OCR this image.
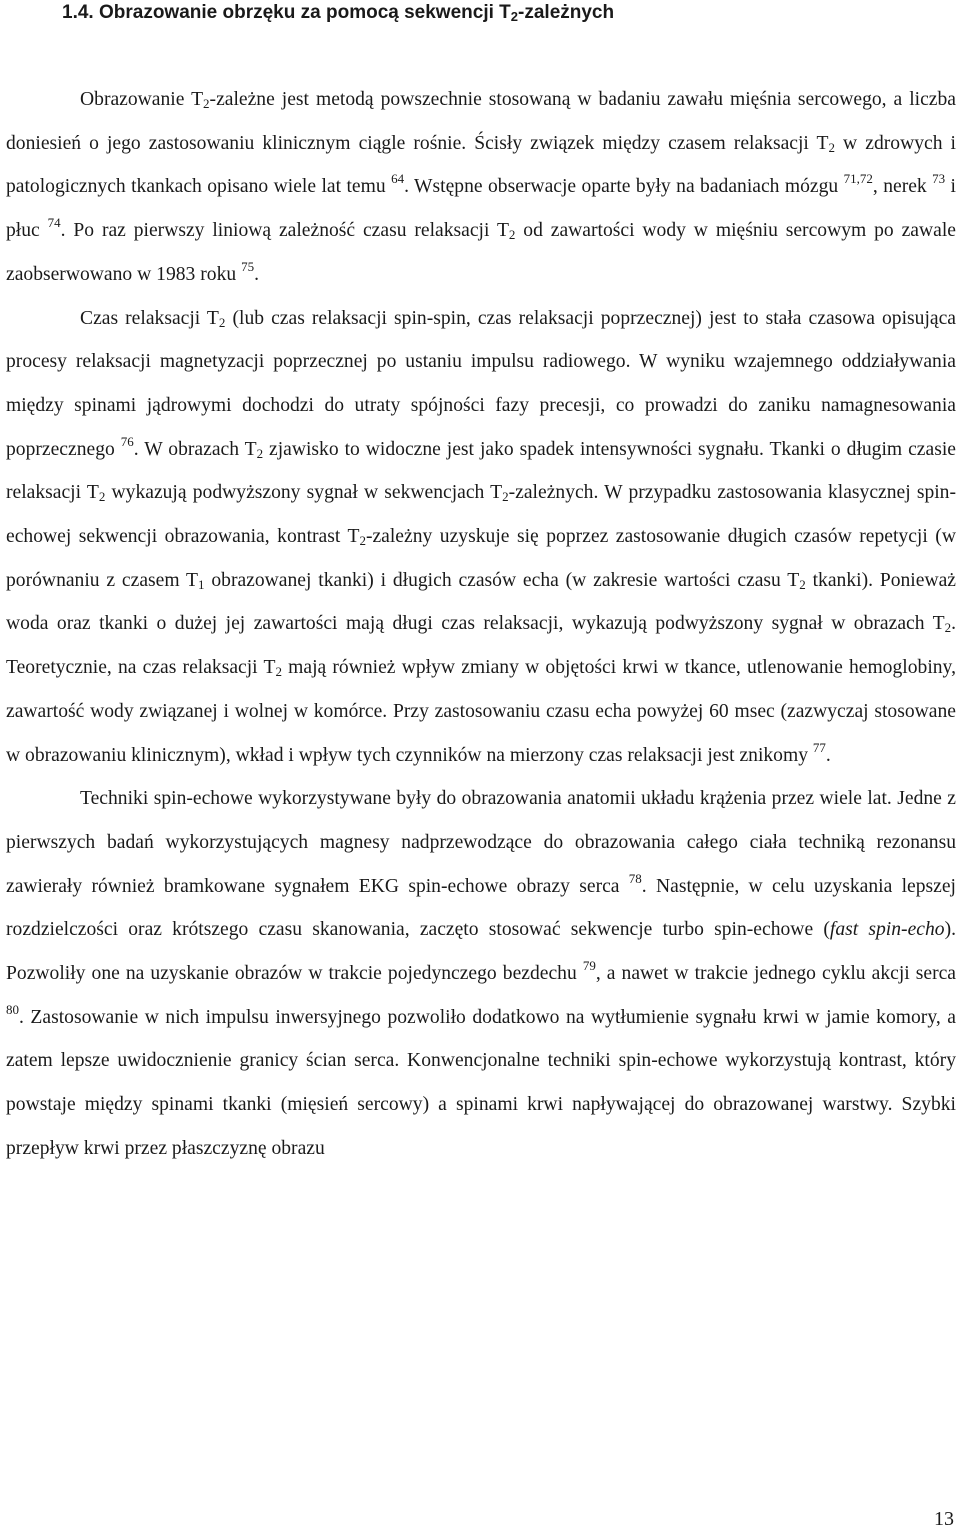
1.4. Obrazowanie obrzęku za pomocą sekwencji $T_2$-zależnych

Obrazowanie $T_2$-zależne jest metodą powszechnie stosowaną w badaniu zawału mięśnia sercowego, a liczba doniesień o jego zastosowaniu klinicznym ciągle rośnie. Ścisły związek między czasem relaksacji $T_2$ w zdrowych i patologicznych tkankach opisano wiele lat temu $^{64}$. Wstępne obserwacje oparte były na badaniach mózgu $^{71,72}$, nerek $^{73}$ i płuc $^{74}$. Po raz pierwszy liniową zależność czasu relaksacji $T_2$ od zawartości wody w mięśniu sercowym po zawale zaobserwowano w 1983 roku $^{75}$.

Czas relaksacji $T_2$ (lub czas relaksacji spin-spin, czas relaksacji poprzecznej) jest to stała czasowa opisująca procesy relaksacji magnetyzacji poprzecznej po ustaniu impulsu radiowego. W wyniku wzajemnego oddziaływania między spinami jądrowymi dochodzi do utraty spójności fazy precesji, co prowadzi do zaniku namagnesowania poprzecznego $^{76}$. W obrazach $T_2$ zjawisko to widoczne jest jako spadek intensywności sygnału. Tkanki o długim czasie relaksacji $T_2$ wykazują podwyższony sygnał w sekwencjach $T_2$-zależnych. W przypadku zastosowania klasycznej spin-echowej sekwencji obrazowania, kontrast $T_2$-zależny uzyskuje się poprzez zastosowanie długich czasów repetycji (w porównaniu z czasem $T_1$ obrazowanej tkanki) i długich czasów echa (w zakresie wartości czasu $T_2$ tkanki). Ponieważ woda oraz tkanki o dużej jej zawartości mają długi czas relaksacji, wykazują podwyższony sygnał w obrazach $T_2$. Teoretycznie, na czas relaksacji $T_2$ mają również wpływ zmiany w objętości krwi w tkance, utlenowanie hemoglobiny, zawartość wody związanej i wolnej w komórce. Przy zastosowaniu czasu echa powyżej 60 msec (zazwyczaj stosowane w obrazowaniu klinicznym), wkład i wpływ tych czynników na mierzony czas relaksacji jest znikomy $^{77}$.

Techniki spin-echowe wykorzystywane były do obrazowania anatomii układu krążenia przez wiele lat. Jedne z pierwszych badań wykorzystujących magnesy nadprzewodzące do obrazowania całego ciała techniką rezonansu zawierały również bramkowane sygnałem EKG spin-echowe obrazy serca $^{78}$. Następnie, w celu uzyskania lepszej rozdzielczości oraz krótszego czasu skanowania, zaczęto stosować sekwencje turbo spin-echowe (fast spin-echo). Pozwoliły one na uzyskanie obrazów w trakcie pojedynczego bezdechu $^{79}$, a nawet w trakcie jednego cyklu akcji serca $^{80}$. Zastosowanie w nich impulsu inwersyjnego pozwoliło dodatkowo na wytłumienie sygnału krwi w jamie komory, a zatem lepsze uwidocznienie granicy ścian serca. Konwencjonalne techniki spin-echowe wykorzystują kontrast, który powstaje między spinami tkanki (mięsień sercowy) a spinami krwi napływającej do obrazowanej warstwy. Szybki przepływ krwi przez płaszczyznę obrazu

13
